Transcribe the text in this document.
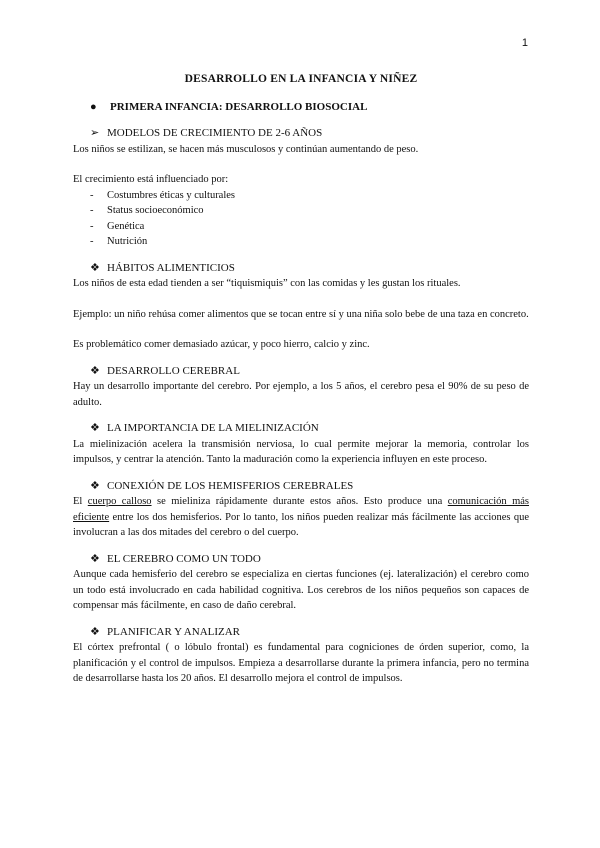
1
DESARROLLO EN LA INFANCIA Y NIÑEZ
● PRIMERA INFANCIA: DESARROLLO BIOSOCIAL
➢ MODELOS DE CRECIMIENTO DE 2-6 AÑOS

Los niños se estilizan, se hacen más musculosos y continúan aumentando de peso.

El crecimiento está influenciado por:

- Costumbres éticas y culturales
- Status socioeconómico
- Genética
- Nutrición
❖ HÁBITOS ALIMENTICIOS

Los niños de esta edad tienden a ser “tiquismiquis” con las comidas y les gustan los rituales.

Ejemplo: un niño rehúsa comer alimentos que se tocan entre sí y una niña solo bebe de una taza en concreto.

Es problemático comer demasiado azúcar, y poco hierro, calcio y zinc.

❖ DESARROLLO CEREBRAL

Hay un desarrollo importante del cerebro. Por ejemplo, a los 5 años, el cerebro pesa el 90% de su peso de adulto.

❖ LA IMPORTANCIA DE LA MIELINIZACIÓN

La mielinización acelera la transmisión nerviosa, lo cual permite mejorar la memoria, controlar los impulsos, y centrar la atención. Tanto la maduración como la experiencia influyen en este proceso.

❖ CONEXIÓN DE LOS HEMISFERIOS CEREBRALES

El cuerpo calloso se mieliniza rápidamente durante estos años. Esto produce una comunicación más eficiente entre los dos hemisferios. Por lo tanto, los niños pueden realizar más fácilmente las acciones que involucran a las dos mitades del cerebro o del cuerpo.

❖ EL CEREBRO COMO UN TODO

Aunque cada hemisferio del cerebro se especializa en ciertas funciones (ej. lateralización) el cerebro como un todo está involucrado en cada habilidad cognitiva. Los cerebros de los niños pequeños son capaces de compensar más fácilmente, en caso de daño cerebral.

❖ PLANIFICAR Y ANALIZAR

El córtex prefrontal ( o lóbulo frontal) es fundamental para cogniciones de órden superior, como, la planificación y el control de impulsos. Empieza a desarrollarse durante la primera infancia, pero no termina de desarrollarse hasta los 20 años. El desarrollo mejora el control de impulsos.
